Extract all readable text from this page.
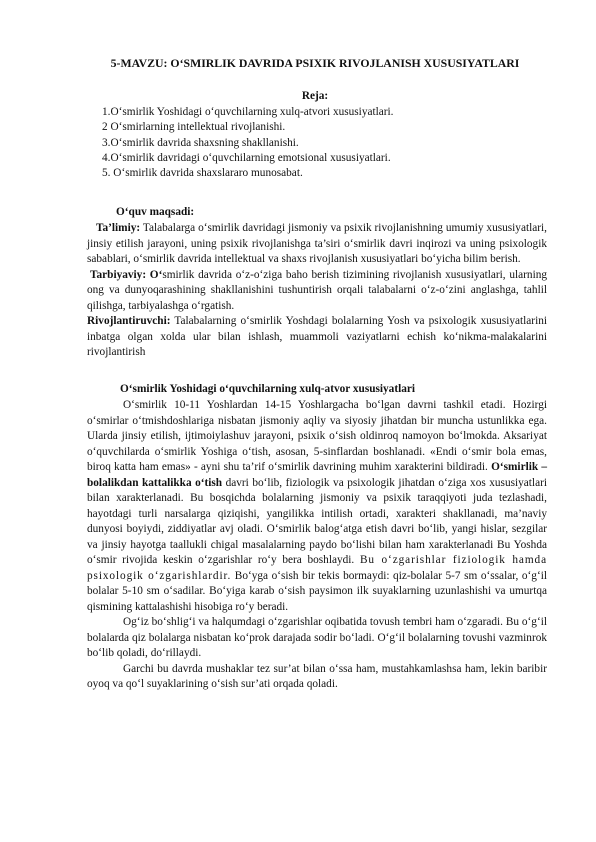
5-MAVZU: O‘SMIRLIK DAVRIDA PSIXIK RIVOJLANISH XUSUSIYATLARI
Reja:
1.O‘smirlik Yoshidagi o‘quvchilarning xulq-atvori xususiyatlari.
2 O‘smirlarning intellektual rivojlanishi.
3.O‘smirlik davrida shaxsning shakllanishi.
4.O‘smirlik davridagi o‘quvchilarning emotsional xususiyatlari.
5. O‘smirlik davrida shaxslararo munosabat.
O‘quv maqsadi:

Ta’limiy: Talabalarga o‘smirlik davridagi jismoniy va psixik rivojlanishning umumiy xususiyatlari, jinsiy etilish jarayoni, uning psixik rivojlanishga ta’siri o‘smirlik davri inqirozi va uning psixologik sabablari, o‘smirlik davrida intellektual va shaxs rivojlanish xususiyatlari bo‘yicha bilim berish.

Tarbiyaviy: O‘smirlik davrida o‘z-o‘ziga baho berish tizimining rivojlanish xususiyatlari, ularning ong va dunyoqarashining shakllanishini tushuntirish orqali talabalarni o‘z-o‘zini anglashga, tahlil qilishga, tarbiyalashga o‘rgatish.

Rivojlantiruvchi: Talabalarning o‘smirlik Yoshdagi bolalarning Yosh va psixologik xususiyatlarini inbatga olgan xolda ular bilan ishlash, muammoli vaziyatlarni echish ko‘nikma-malakalarini rivojlantirish

O‘smirlik Yoshidagi o‘quvchilarning xulq-atvor xususiyatlari

O‘smirlik 10-11 Yoshlardan 14-15 Yoshlargacha bo‘lgan davrni tashkil etadi. Hozirgi o‘smirlar o‘tmishdoshlariga nisbatan jismoniy aqliy va siyosiy jihatdan bir muncha ustunlikka ega. Ularda jinsiy etilish, ijtimoiylashuv jarayoni, psixik o‘sish oldinroq namoyon bo‘lmokda. Aksariyat o‘quvchilarda o‘smirlik Yoshiga o‘tish, asosan, 5-sinflardan boshlanadi. «Endi o‘smir bola emas, biroq katta ham emas» - ayni shu ta’rif o‘smirlik davrining muhim xarakterini bildiradi. O‘smirlik – bolalikdan kattalikka o‘tish davri bo‘lib, fiziologik va psixologik jihatdan o‘ziga xos xususiyatlari bilan xarakterlanadi. Bu bosqichda bolalarning jismoniy va psixik taraqqiyoti juda tezlashadi, hayotdagi turli narsalarga qiziqishi, yangilikka intilish ortadi, xarakteri shakllanadi, ma’naviy dunyosi boyiydi, ziddiyatlar avj oladi. O‘smirlik balog‘atga etish davri bo‘lib, yangi hislar, sezgilar va jinsiy hayotga taallukli chigal masalalarning paydo bo‘lishi bilan ham xarakterlanadi Bu Yoshda o‘smir rivojida keskin o‘zgarishlar ro‘y bera boshlaydi. Bu o‘zgarishlar fiziologik hamda psixologik o‘zgarishlardir. Bo‘yga o‘sish bir tekis bormaydi: qiz-bolalar 5-7 sm o‘ssalar, o‘g‘il bolalar 5-10 sm o‘sadilar. Bo‘yiga karab o‘sish paysimon ilk suyaklarning uzunlashishi va umurtqa qismining kattalashishi hisobiga ro‘y beradi.

Og‘iz bo‘shlig‘i va halqumdagi o‘zgarishlar oqibatida tovush tembri ham o‘zgaradi. Bu o‘g‘il bolalarda qiz bolalarga nisbatan ko‘prok darajada sodir bo‘ladi. O‘g‘il bolalarning tovushi vazminrok bo‘lib qoladi, do‘rillaydi.

Garchi bu davrda mushaklar tez sur’at bilan o‘ssa ham, mustahkamlashsa ham, lekin baribir oyoq va qo‘l suyaklarining o‘sish sur’ati orqada qoladi.
